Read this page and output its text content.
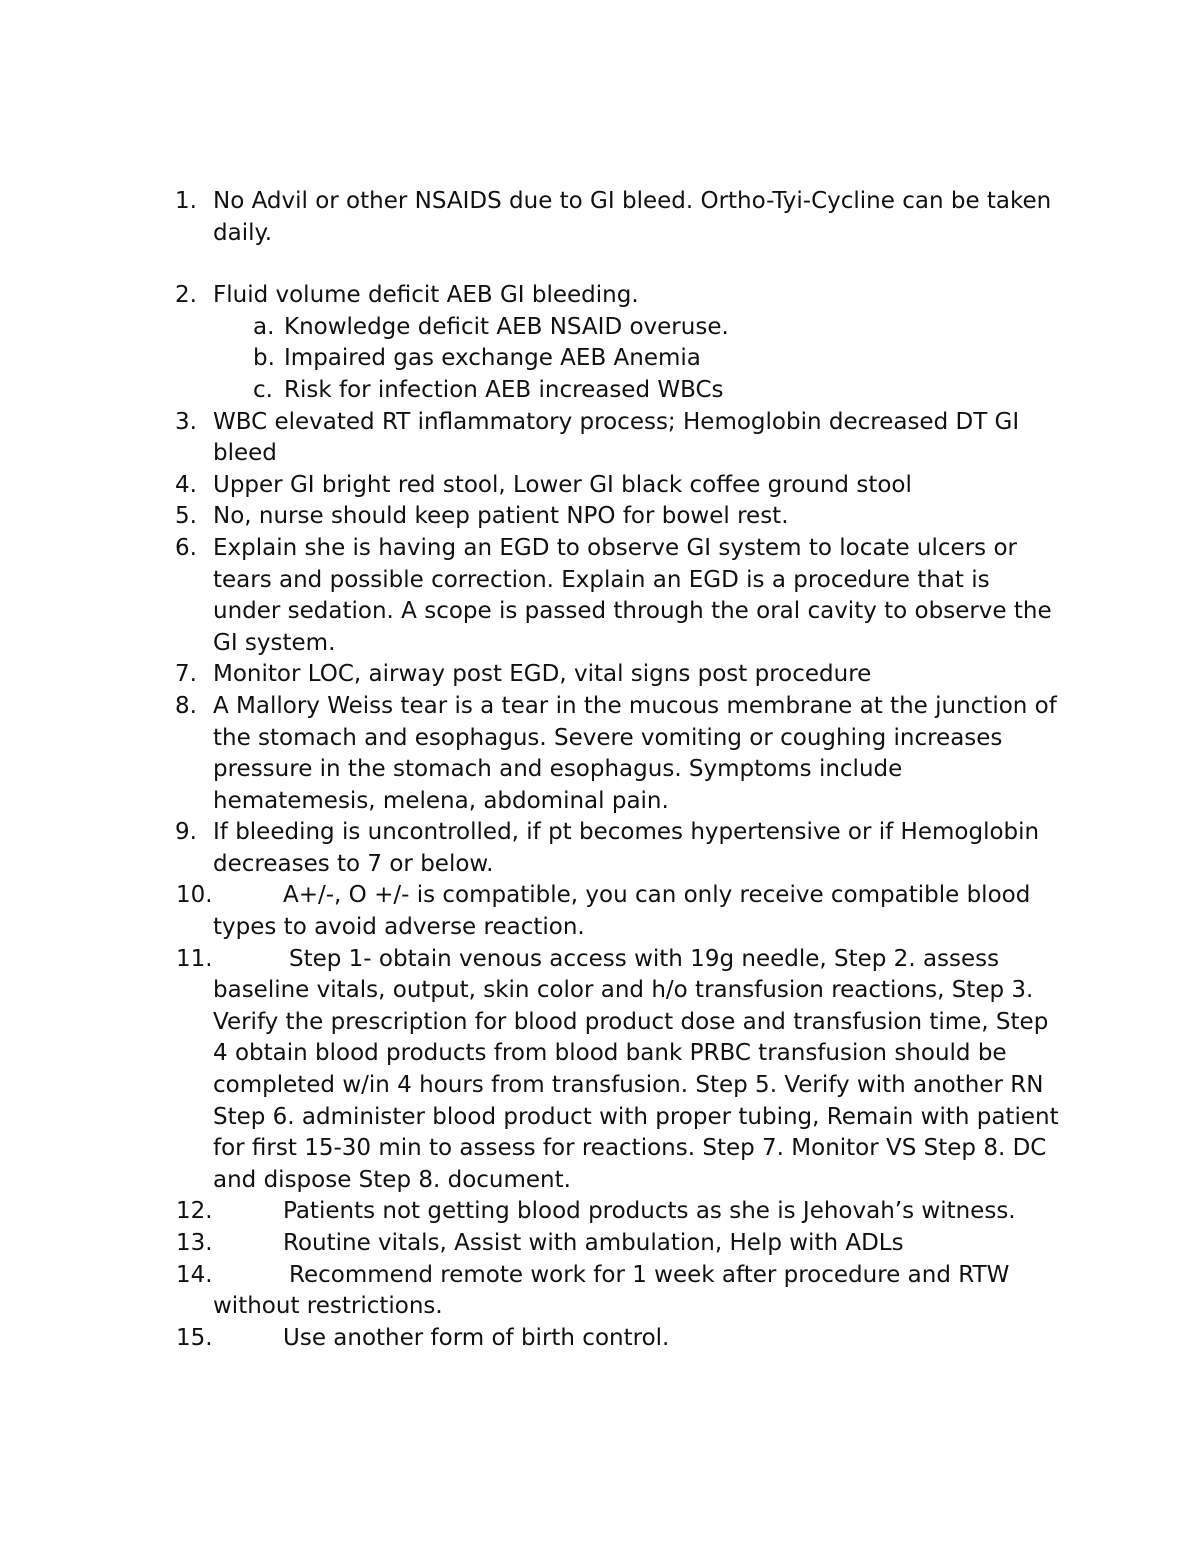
1. No Advil or other NSAIDS due to GI bleed. Ortho-Tyi-Cycline can be taken daily.
2. Fluid volume deficit AEB GI bleeding.
a. Knowledge deficit AEB NSAID overuse.
b. Impaired gas exchange AEB Anemia
c. Risk for infection AEB increased WBCs
3. WBC elevated RT inflammatory process; Hemoglobin decreased DT GI bleed
4. Upper GI bright red stool, Lower GI black coffee ground stool
5. No, nurse should keep patient NPO for bowel rest.
6. Explain she is having an EGD to observe GI system to locate ulcers or tears and possible correction. Explain an EGD is a procedure that is under sedation. A scope is passed through the oral cavity to observe the GI system.
7. Monitor LOC, airway post EGD, vital signs post procedure
8. A Mallory Weiss tear is a tear in the mucous membrane at the junction of the stomach and esophagus. Severe vomiting or coughing increases pressure in the stomach and esophagus. Symptoms include hematemesis, melena, abdominal pain.
9. If bleeding is uncontrolled, if pt becomes hypertensive or if Hemoglobin decreases to 7 or below.
10.	A+/-, O +/- is compatible, you can only receive compatible blood types to avoid adverse reaction.
11.	Step 1- obtain venous access with 19g needle, Step 2. assess baseline vitals, output, skin color and h/o transfusion reactions, Step 3. Verify the prescription for blood product dose and transfusion time, Step 4 obtain blood products from blood bank PRBC transfusion should be completed w/in 4 hours from transfusion. Step 5. Verify with another RN Step 6. administer blood product with proper tubing, Remain with patient for first 15-30 min to assess for reactions. Step 7. Monitor VS Step 8. DC and dispose Step 8. document.
12.	Patients not getting blood products as she is Jehovah’s witness.
13.	Routine vitals, Assist with ambulation, Help with ADLs
14.	Recommend remote work for 1 week after procedure and RTW without restrictions.
15.	Use another form of birth control.
